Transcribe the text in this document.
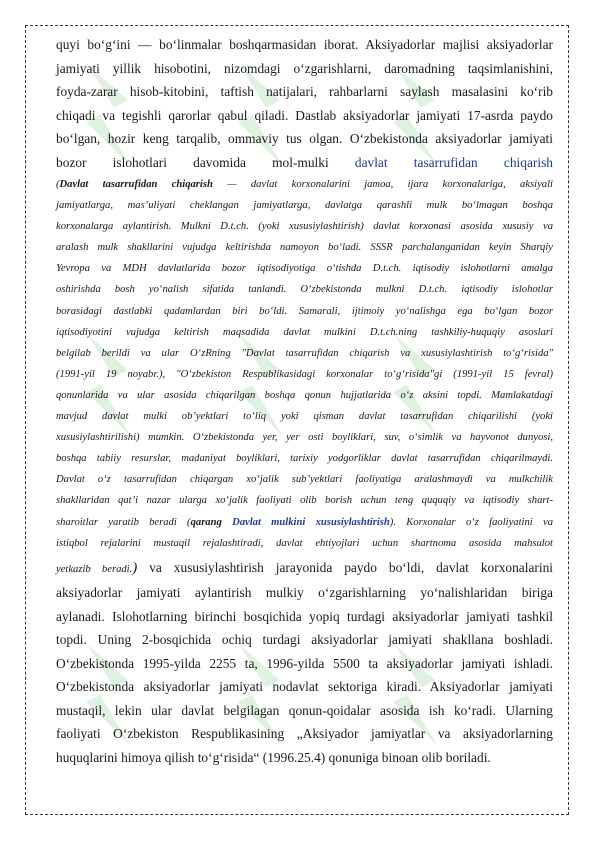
quyi bo‘g‘ini — bo‘linmalar boshqarmasidan iborat. Aksiyadorlar majlisi aksiyadorlar

jamiyati yillik hisobotini, nizomdagi o‘zgarishlarni, daromadning taqsimlanishini,

foyda-zarar hisob-kitobini, taftish natijalari, rahbarlarni saylash masalasini ko‘rib

chiqadi va tegishli qarorlar qabul qiladi. Dastlab aksiyadorlar jamiyati 17-asrda paydo

bo‘lgan, hozir keng tarqalib, ommaviy tus olgan. O‘zbekistonda aksiyadorlar jamiyati

bozor islohotlari davomida mol-mulki davlat tasarrufidan chiqarish

(Davlat tasarrufidan chiqarish — davlat korxonalarini jamoa, ijara korxonalariga, aksiyali

jamiyatlarga, mas’uliyati cheklangan jamiyatlarga, davlatga qarashli mulk bo‘lmagan boshqa

korxonalarga aylantirish. Mulkni D.t.ch. (yoki xususiylashtirish) davlat korxonasi asosida xususiy va

aralash mulk shakllarini vujudga keltirishda namoyon bo‘ladi. SSSR parchalanganidan keyin Sharqiy

Yevropa va MDH davlatlarida bozor iqtisodiyotiga o‘tishda D.t.ch. iqtisodiy islohotlarni amalga

oshirishda bosh yo‘nalish sifatida tanlandi. O‘zbekistonda mulkni D.t.ch. iqtisodiy islohotlar

borasidagi dastlabki qadamlardan biri bo‘ldi. Samarali, ijtimoiy yo‘nalishga ega bo‘lgan bozor

iqtisodiyotini vujudga keltirish maqsadida davlat mulkini D.t.ch.ning tashkiliy-huquqiy asoslari

belgilab berildi va ular O‘zRning "Davlat tasarrufidan chiqarish va xususiylashtirish to‘g‘risida"

(1991-yil 19 noyabr.), "O‘zbekiston Respublikasidagi korxonalar to‘g‘risida"gi (1991-yil 15 fevral)

qonunlarida va ular asosida chiqarilgan boshqa qonun hujjatlarida o‘z aksini topdi. Mamlakatdagi

mavjud davlat mulki ob’yektlari to‘liq yoki qisman davlat tasarrufidan chiqarilishi (yoki

xususiylashtirilishi) mumkin. O‘zbekistonda yer, yer osti boyliklari, suv, o‘simlik va hayvonot dunyosi,

boshqa tabiiy resurslar, madaniyat boyliklari, tarixiy yodgorliklar davlat tasarrufidan chiqarilmaydi.

Davlat o‘z tasarrufidan chiqargan xo‘jalik sub’yektlari faoliyatiga aralashmaydi va mulkchilik

shakllaridan qat’i nazar ularga xo‘jalik faoliyati olib borish uchun teng ququqiy va iqtisodiy shart-

sharoitlar yaratib beradi (qarang Davlat mulkini xususiylashtirish). Korxonalar o‘z faoliyatini va

istiqbol rejalarini mustaqil rejalashtiradi, davlat ehtiyojlari uchun shartnoma asosida mahsulot

yetkazib beradi.) va xususiylashtirish jarayonida paydo bo‘ldi, davlat korxonalarini

aksiyadorlar jamiyati aylantirish mulkiy o‘zgarishlarning yo‘nalishlaridan biriga

aylanadi. Islohotlarning birinchi bosqichida yopiq turdagi aksiyadorlar jamiyati tashkil

topdi. Uning 2-bosqichida ochiq turdagi aksiyadorlar jamiyati shakllana boshladi.

O‘zbekistonda 1995-yilda 2255 ta, 1996-yilda 5500 ta aksiyadorlar jamiyati ishladi.

O‘zbekistonda aksiyadorlar jamiyati nodavlat sektoriga kiradi. Aksiyadorlar jamiyati

mustaqil, lekin ular davlat belgilagan qonun-qoidalar asosida ish ko‘radi. Ularning

faoliyati O‘zbekiston Respublikasining „Aksiyador jamiyatlar va aksiyadorlarning

huquqlarini himoya qilish to‘g‘risida“ (1996.25.4) qonuniga binoan olib boriladi.
